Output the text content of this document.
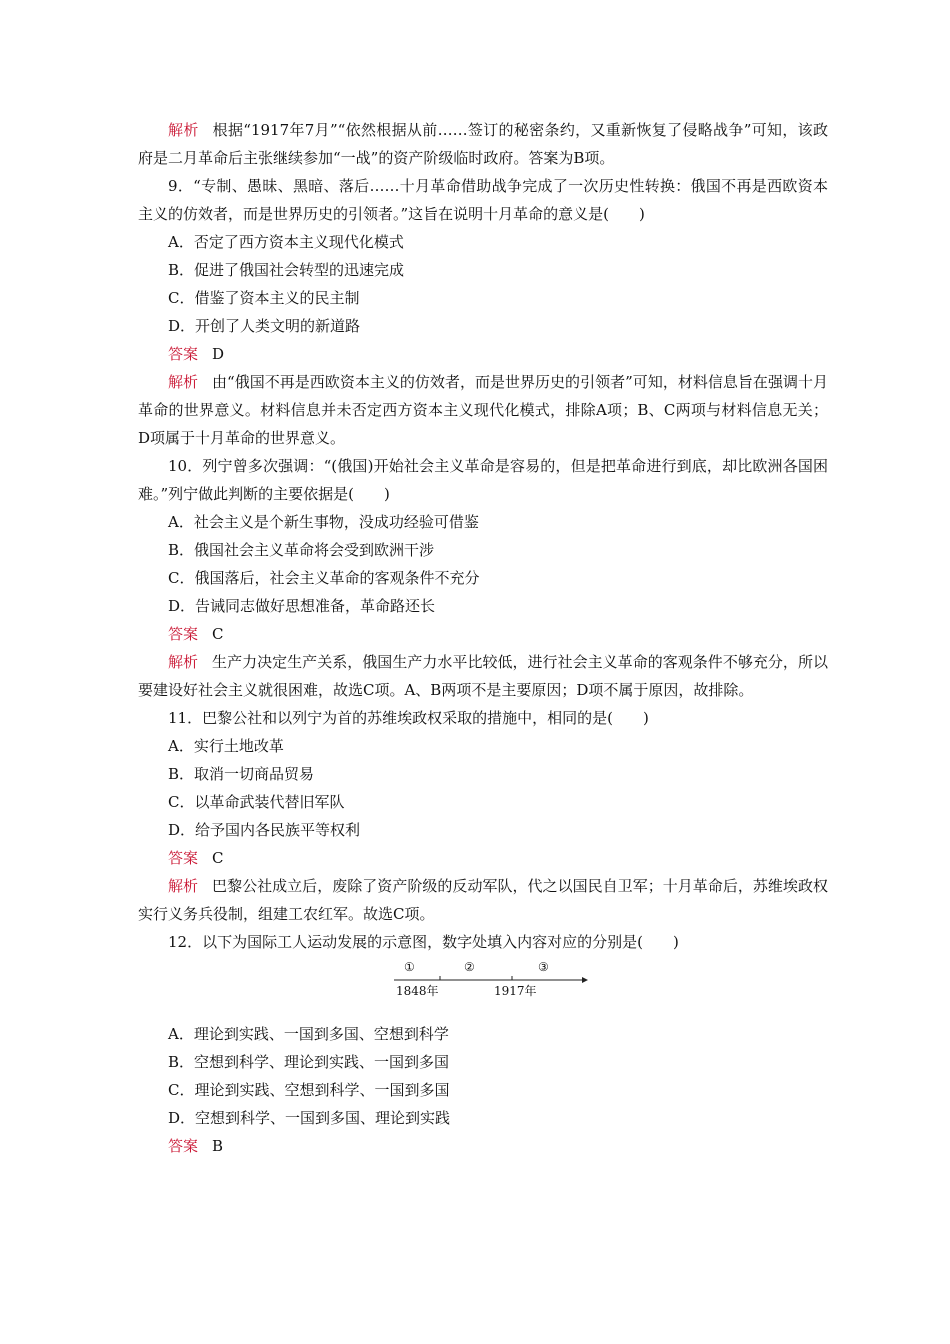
解析 根据“1917年7月”“依然根据从前……签订的秘密条约，又重新恢复了侵略战争”可知，该政府是二月革命后主张继续参加“一战”的资产阶级临时政府。答案为B项。
9．“专制、愚昧、黑暗、落后……十月革命借助战争完成了一次历史性转换：俄国不再是西欧资本主义的仿效者，而是世界历史的引领者。”这旨在说明十月革命的意义是(　　)
A．否定了西方资本主义现代化模式
B．促进了俄国社会转型的迅速完成
C．借鉴了资本主义的民主制
D．开创了人类文明的新道路
答案 D
解析 由“俄国不再是西欧资本主义的仿效者，而是世界历史的引领者”可知，材料信息旨在强调十月革命的世界意义。材料信息并未否定西方资本主义现代化模式，排除A项；B、C两项与材料信息无关；D项属于十月革命的世界意义。
10．列宁曾多次强调：“(俄国)开始社会主义革命是容易的，但是把革命进行到底，却比欧洲各国困难。”列宁做此判断的主要依据是(　　)
A．社会主义是个新生事物，没成功经验可借鉴
B．俄国社会主义革命将会受到欧洲干涉
C．俄国落后，社会主义革命的客观条件不充分
D．告诫同志做好思想准备，革命路还长
答案 C
解析 生产力决定生产关系，俄国生产力水平比较低，进行社会主义革命的客观条件不够充分，所以要建设好社会主义就很困难，故选C项。A、B两项不是主要原因；D项不属于原因，故排除。
11．巴黎公社和以列宁为首的苏维埃政权采取的措施中，相同的是(　　)
A．实行土地改革
B．取消一切商品贸易
C．以革命武装代替旧军队
D．给予国内各民族平等权利
答案 C
解析 巴黎公社成立后，废除了资产阶级的反动军队，代之以国民自卫军；十月革命后，苏维埃政权实行义务兵役制，组建工农红军。故选C项。
12．以下为国际工人运动发展的示意图，数字处填入内容对应的分别是(　　)
①	②	③
1848年	1917年
A．理论到实践、一国到多国、空想到科学
B．空想到科学、理论到实践、一国到多国
C．理论到实践、空想到科学、一国到多国
D．空想到科学、一国到多国、理论到实践
答案 B
